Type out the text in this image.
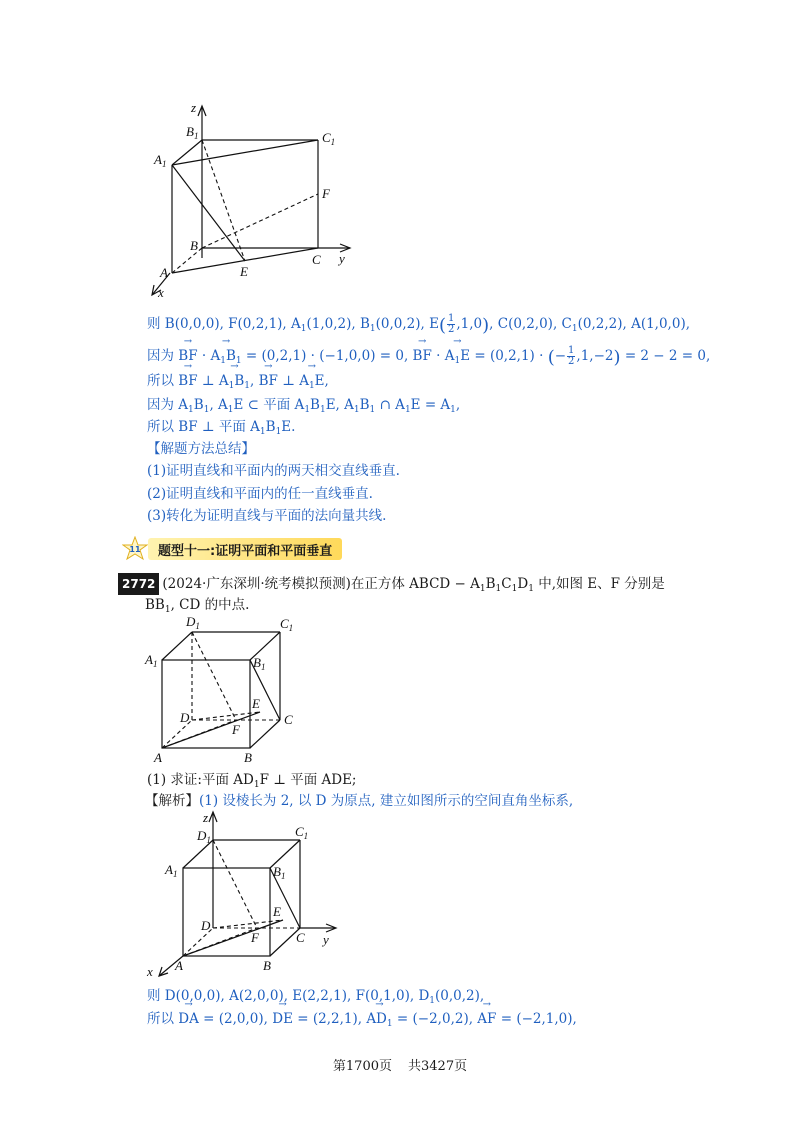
z
$B_1$	$C_1$
$A_1$
F
B
C y
A	E
x
则 B(0,0,0), F(0,2,1), $A_1(1,0,2)$, $B_1(0,0,2)$, $E( \frac{1}{2} ,1,0)$, C(0,2,0), $C_1(0,2,2)$, A(1,0,0),
因为 → BF · → $A_1B_1 = (0,2,1) \cdot (-1,0,0) = 0$, → BF · → $A_1E = (0,2,1)$ · (− $\frac{1}{2} ,1,-2) = 2 - 2 = 0$,
所以 → BF ⊥ → $A_1B_1$, → BF ⊥ → $A_1E$,
因为 $A_1B_1$, $A_1E$ ⊂ 平面 $A_1B_1E$, $A_1B_1$ ∩ $A_1E = A_1$,
所以 BF ⊥ 平面 $A_1B_1E$.
【解题方法总结】
(1)证明直线和平面内的两天相交直线垂直.
(2)证明直线和平面内的任一直线垂直.
(3)转化为证明直线与平面的法向量共线.
11	题型十一:证明平面和平面垂直
2772 (2024·广东深圳·统考模拟预测)在正方体 ABCD − $A_1B_1C_1D_1$ 中,如图 E、F 分别是
$BB_1$, CD 的中点.
$D_1$	$C_1$
$A_1$	$B_1$
E
D	C
F
A	B
(1) 求证:平面 $AD_1F$ ⊥ 平面 ADE;
【解析】(1) 设棱长为 2, 以 D 为原点, 建立如图所示的空间直角坐标系,
z
$D_1$
$C_1$
$A_1$	$B_1$
E
D
F	C y
x A	B
则 D(0,0,0), A(2,0,0), E(2,2,1), F(0,1,0), $D_1(0,0,2)$,
所以 → DA = (2,0,0), → DE = (2,2,1), → $AD_1 = (-2,0,2)$, → AF = (−2,1,0),
第1700页 共3427页
